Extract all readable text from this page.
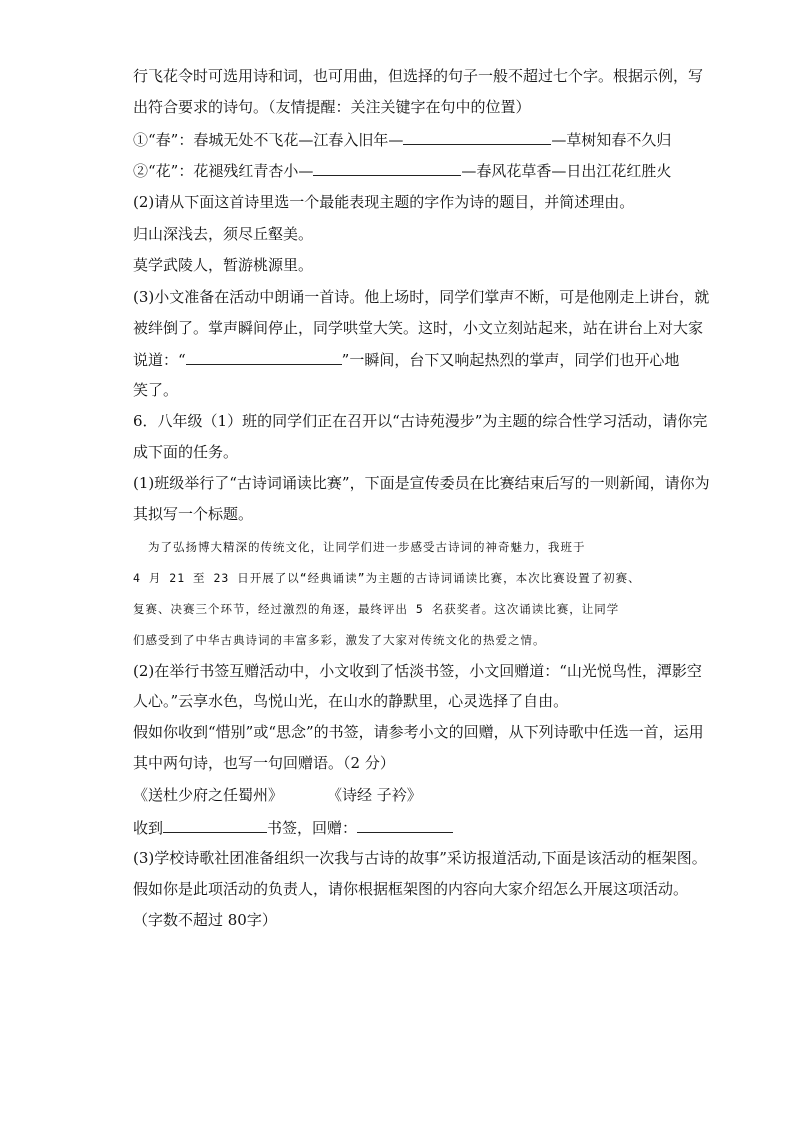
行飞花令时可选用诗和词，也可用曲，但选择的句子一般不超过七个字。根据示例，写
出符合要求的诗句。（友情提醒：关注关键字在句中的位置）
①“春”：春城无处不飞花—江春入旧年—	—草树知春不久归
②“花”：花褪残红青杏小—	—春风花草香—日出江花红胜火
(2)请从下面这首诗里选一个最能表现主题的字作为诗的题目，并简述理由。
归山深浅去，须尽丘壑美。
莫学武陵人，暂游桃源里。
(3)小文准备在活动中朗诵一首诗。他上场时，同学们掌声不断，可是他刚走上讲台，就
被绊倒了。掌声瞬间停止，同学哄堂大笑。这时，小文立刻站起来，站在讲台上对大家
说道：“	”一瞬间，台下又响起热烈的掌声，同学们也开心地
笑了。
6．八年级（1）班的同学们正在召开以“古诗苑漫步”为主题的综合性学习活动，请你完
成下面的任务。
(1)班级举行了“古诗词诵读比赛”，下面是宣传委员在比赛结束后写的一则新闻，请你为
其拟写一个标题。
为了弘扬博大精深的传统文化，让同学们进一步感受古诗词的神奇魅力，我班于
4 月 21 至 23 日开展了以“经典诵读”为主题的古诗词诵读比赛，本次比赛设置了初赛、
复赛、决赛三个环节，经过激烈的角逐，最终评出 5 名获奖者。这次诵读比赛，让同学
们感受到了中华古典诗词的丰富多彩，激发了大家对传统文化的热爱之情。
(2)在举行书签互赠活动中，小文收到了恬淡书签，小文回赠道：“山光悦鸟性，潭影空
人心。”云享水色，鸟悦山光，在山水的静默里，心灵选择了自由。
假如你收到“惜别”或“思念”的书签，请参考小文的回赠，从下列诗歌中任选一首，运用
其中两句诗，也写一句回赠语。（2 分）
《送杜少府之任蜀州》	《诗经 子衿》
收到	书签，回赠：
(3)学校诗歌社团准备组织一次我与古诗的故事”采访报道活动,下面是该活动的框架图。
假如你是此项活动的负责人，请你根据框架图的内容向大家介绍怎么开展这项活动。
（字数不超过 80字）
